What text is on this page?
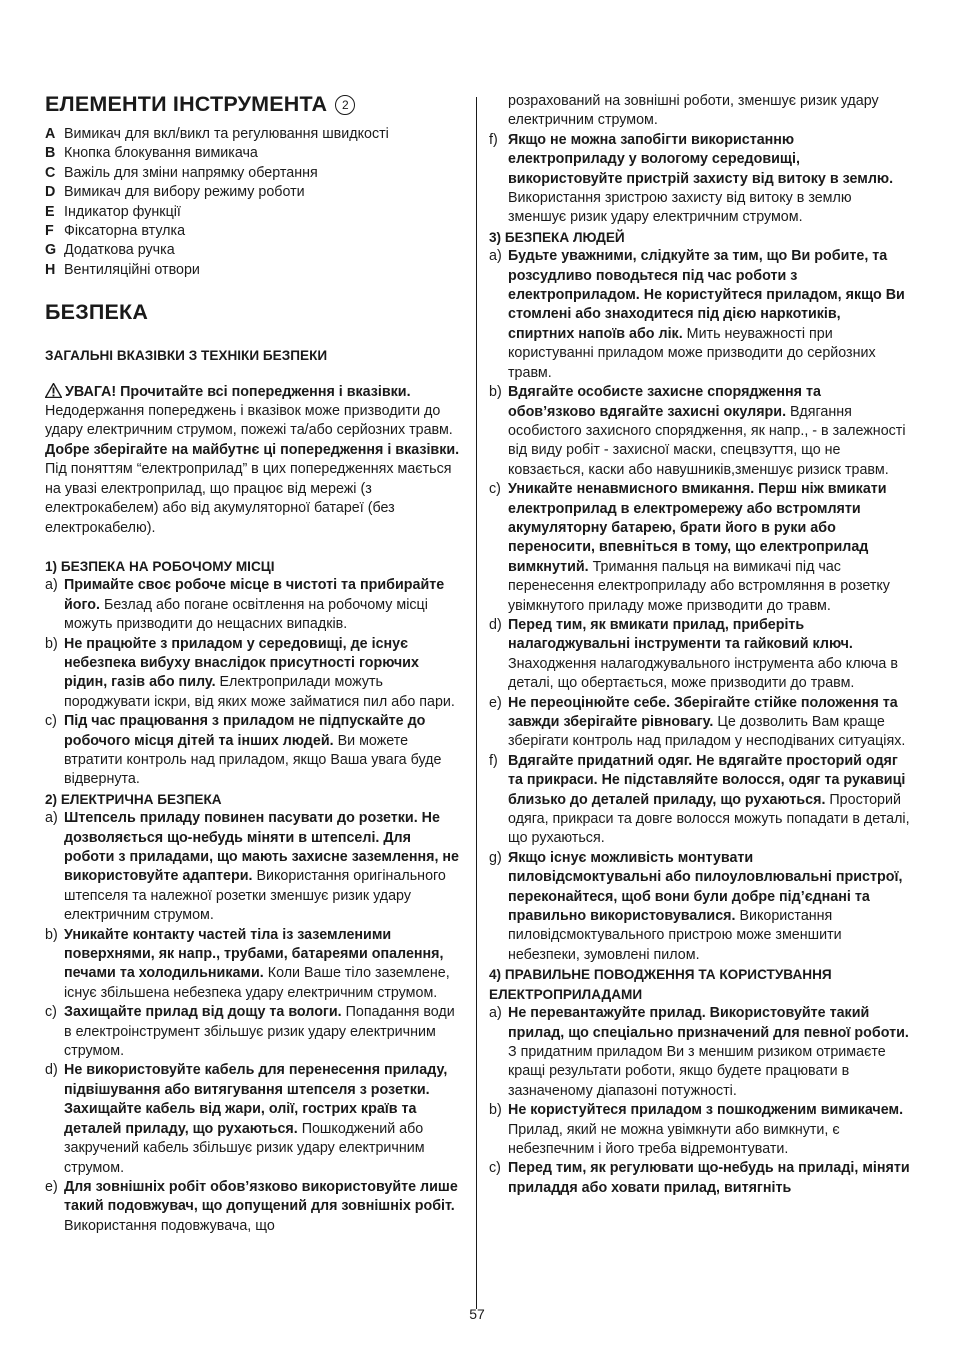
ЕЛЕМЕНТИ ІНСТРУМЕНТА 2
A Вимикач для вкл/викл та регулювання швидкості
B Кнопка блокування вимикача
C Важіль для зміни напрямку обертання
D Вимикач для вибору режиму роботи
E Індикатор функції
F Фіксаторна втулка
G Додаткова ручка
H Вентиляційні отвори
БЕЗПЕКА
ЗАГАЛЬНІ ВКАЗІВКИ З ТЕХНІКИ БЕЗПЕКИ

УВАГА! Прочитайте всі попередження і вказівки. Недодержання попереджень і вказівок може призводити до удару електричним струмом, пожежі та/або серйозних травм. Добре зберігайте на майбутнє ці попередження і вказівки. Під поняттям “електроприлад” в цих попередженнях мається на увазі електроприлад, що працює від мережі (з електрокабелем) або від акумуляторної батареї (без електрокабелю).

1) БЕЗПЕКА НА РОБОЧОМУ МІСЦІ
a) Примайте своє робоче місце в чистоті та прибирайте його. Безлад або погане освітлення на робочому місці можуть призводити до нещасних випадків.
b) Не працюйте з приладом у середовищі, де існує небезпека вибуху внаслідок присутності горючих рідин, газів або пилу. Електроприлади можуть породжувати іскри, від яких може займатися пил або пари.
c) Під час працювання з приладом не підпускайте до робочого місця дітей та інших людей. Ви можете втратити контроль над приладом, якщо Ваша увага буде відвернута.
2) ЕЛЕКТРИЧНА БЕЗПЕКА
a) Штепсель приладу повинен пасувати до розетки. Не дозволяється що-небудь міняти в штепселі. Для роботи з приладами, що мають захисне заземлення, не використовуйте адаптери. Використання оригінального штепселя та належної розетки зменшує ризик удару електричним струмом.
b) Уникайте контакту частей тіла із заземленими поверхнями, як напр., трубами, батареями опалення, печами та холодильниками. Коли Ваше тіло заземлене, існує збільшена небезпека удару електричним струмом.
c) Захищайте прилад від дощу та вологи. Попадання води в електроінструмент збільшує ризик удару електричним струмом.
d) Не використовуйте кабель для перенесення приладу, підвішування або витягування штепселя з розетки. Захищайте кабель від жари, олії, гострих країв та деталей приладу, що рухаються. Пошкоджений або закручений кабель збільшує ризик удару електричним струмом.
e) Для зовнішніх робіт обов’язково використовуйте лише такий подовжувач, що допущений для зовнішніх робіт. Використання подовжувача, що
розрахований на зовнішні роботи, зменшує ризик удару електричним струмом.
f) Якщо не можна запобігти використанню електроприладу у вологому середовищі, використовуйте пристрій захисту від витоку в землю. Використання зристрою захисту від витоку в землю зменшує ризик удару електричним струмом.
3) БЕЗПЕКА ЛЮДЕЙ
a) Будьте уважними, слідкуйте за тим, що Ви робите, та розсудливо поводьтеся під час роботи з електроприладом. Не користуйтеся приладом, якщо Ви стомлені або знаходитеся під дією наркотиків, спиртних напоїв або лік. Мить неуважності при користуванні приладом може призводити до серйозних травм.
b) Вдягайте особисте захисне спорядження та обов’язково вдягайте захисні окуляри. Вдягання особистого захисного спорядження, як напр., - в залежності від виду робіт - захисної маски, спецвзуття, що не ковзається, каски або навушників,зменшує ризиск травм.
c) Уникайте ненавмисного вмикання. Перш ніж вмикати електроприлад в електромережу або встромляти акумуляторну батарею, брати його в руки або переносити, впевніться в тому, що електроприлад вимкнутий. Тримання пальця на вимикачі під час перенесення електроприладу або встромляння в розетку увімкнутого приладу може призводити до травм.
d) Перед тим, як вмикати прилад, приберіть налагоджувальні інструменти та гайковий ключ. Знаходження налагоджувального інструмента або ключа в деталі, що обертається, може призводити до травм.
e) Не переоцінюйте себе. Зберігайте стійке положення та завжди зберігайте рівновагу. Це дозволить Вам краще зберігати контроль над приладом у несподіваних ситуаціях.
f) Вдягайте придатний одяг. Не вдягайте просторий одяг та прикраси. Не підставляйте волосся, одяг та рукавиці близько до деталей приладу, що рухаються. Просторий одяга, прикраси та довге волосся можуть попадати в деталі, що рухаються.
g) Якщо існує можливість монтувати пиловідсмоктувальні або пилоуловлювальні пристрої, переконайтеся, щоб вони були добре під’єднані та правильно використовувалися. Використання пиловідсмоктувального пристрою може зменшити небезпеки, зумовлені пилом.
4) ПРАВИЛЬНЕ ПОВОДЖЕННЯ ТА КОРИСТУВАННЯ ЕЛЕКТРОПРИЛАДАМИ
a) Не перевантажуйте прилад. Використовуйте такий прилад, що спеціально призначений для певної роботи. З придатним приладом Ви з меншим ризиком отримаєте кращі результати роботи, якщо будете працювати в зазначеному діапазоні потужності.
b) Не користуйтеся приладом з пошкодженим вимикачем. Прилад, який не можна увімкнути або вимкнути, є небезпечним і його треба відремонтувати.
c) Перед тим, як регулювати що-небудь на приладі, міняти приладдя або ховати прилад, витягніть
57
